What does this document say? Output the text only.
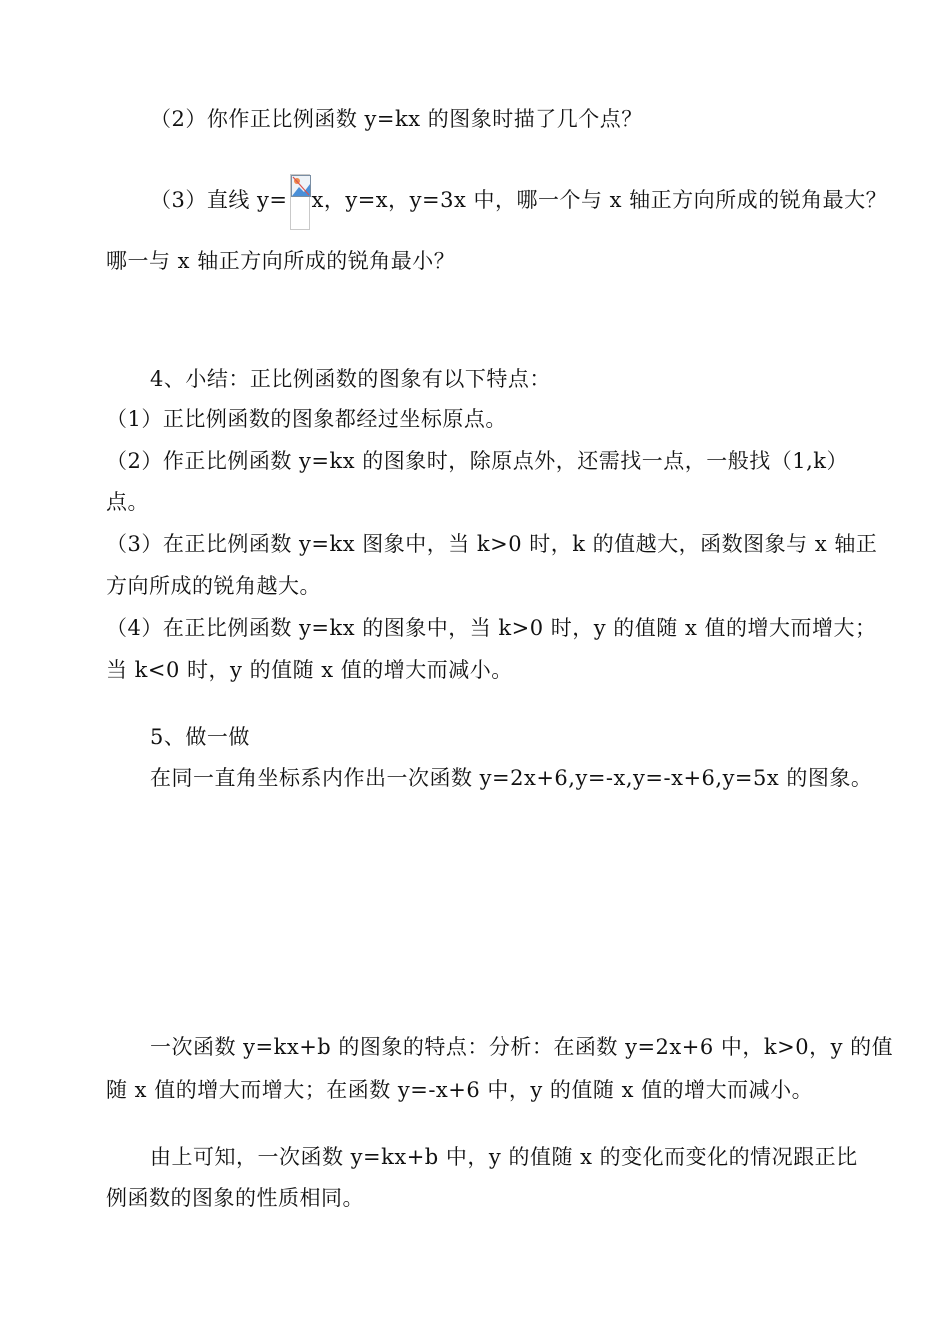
（2）你作正比例函数 y=kx 的图象时描了几个点？
（3）直线 y= x，y=x，y=3x 中，哪一个与 x 轴正方向所成的锐角最大？
哪一与 x 轴正方向所成的锐角最小？
4、小结：正比例函数的图象有以下特点：
（1）正比例函数的图象都经过坐标原点。
（2）作正比例函数 y=kx 的图象时，除原点外，还需找一点，一般找（1,k）
点。
（3）在正比例函数 y=kx 图象中，当 k>0 时，k 的值越大，函数图象与 x 轴正
方向所成的锐角越大。
（4）在正比例函数 y=kx 的图象中，当 k>0 时，y 的值随 x 值的增大而增大；
当 k<0 时，y 的值随 x 值的增大而减小。
5、做一做
在同一直角坐标系内作出一次函数 y=2x+6,y=-x,y=-x+6,y=5x 的图象。
一次函数 y=kx+b 的图象的特点：分析：在函数 y=2x+6 中，k>0，y 的值
随 x 值的增大而增大；在函数 y=-x+6 中，y 的值随 x 值的增大而减小。
由上可知，一次函数 y=kx+b 中，y 的值随 x 的变化而变化的情况跟正比
例函数的图象的性质相同。
